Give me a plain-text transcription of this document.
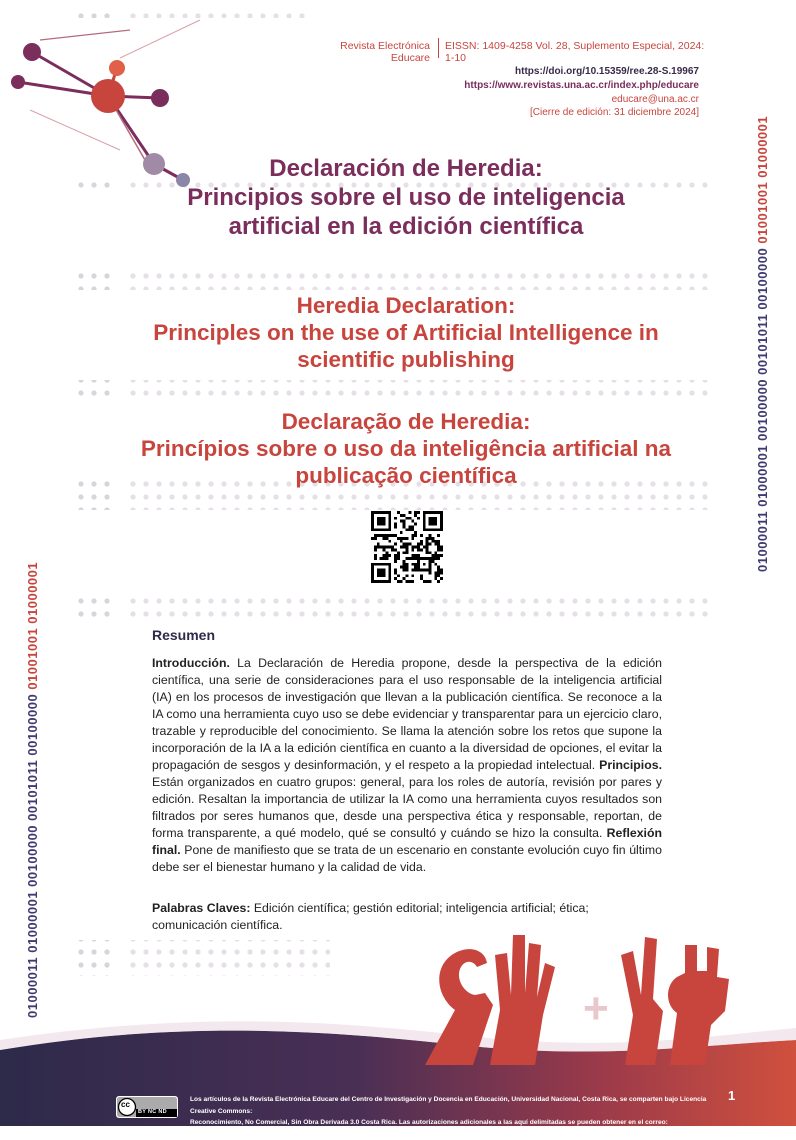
Revista Electrónica Educare
EISSN: 1409-4258 Vol. 28, Suplemento Especial, 2024: 1-10
https://doi.org/10.15359/ree.28-S.19967
https://www.revistas.una.ac.cr/index.php/educare
educare@una.ac.cr
[Cierre de edición: 31 diciembre 2024]
Declaración de Heredia:
Principios sobre el uso de inteligencia
artificial en la edición científica
Heredia Declaration:
Principles on the use of Artificial Intelligence in
scientific publishing
Declaração de Heredia:
Princípios sobre o uso da inteligência artificial na
publicação científica	01000011 01000001 00100000 00101011 00100000 01001001 01000001
01000011 01000001 00100000 00101011 00100000 01001001 01000001	Resumen
Introducción. La Declaración de Heredia propone, desde la perspectiva de la edición científica, una serie de consideraciones para el uso responsable de la inteligencia artificial (IA) en los procesos de investigación que llevan a la publicación científica. Se reconoce a la IA como una herramienta cuyo uso se debe evidenciar y transparentar para un ejercicio claro, trazable y reproducible del conocimiento. Se llama la atención sobre los retos que supone la incorporación de la IA a la edición científica en cuanto a la diversidad de opciones, el evitar la propagación de sesgos y desinformación, y el respeto a la propiedad intelectual. Principios. Están organizados en cuatro grupos: general, para los roles de autoría, revisión por pares y edición. Resaltan la importancia de utilizar la IA como una herramienta cuyos resultados son filtrados por seres humanos que, desde una perspectiva ética y responsable, reportan, de forma transparente, a qué modelo, qué se consultó y cuándo se hizo la consulta. Reflexión final. Pone de manifiesto que se trata de un escenario en constante evolución cuyo fin último debe ser el bienestar humano y la calidad de vida.
Palabras Claves: Edición científica; gestión editorial; inteligencia artificial; ética; comunicación científica.
+
cc
BY NC ND
Los artículos de la Revista Electrónica Educare del Centro de Investigación y Docencia en Educación, Universidad Nacional, Costa Rica, se comparten bajo Licencia Creative Commons:
Reconocimiento, No Comercial, Sin Obra Derivada 3.0 Costa Rica. Las autorizaciones adicionales a las aquí delimitadas se pueden obtener en el correo: educare@una.ac.cr
1
